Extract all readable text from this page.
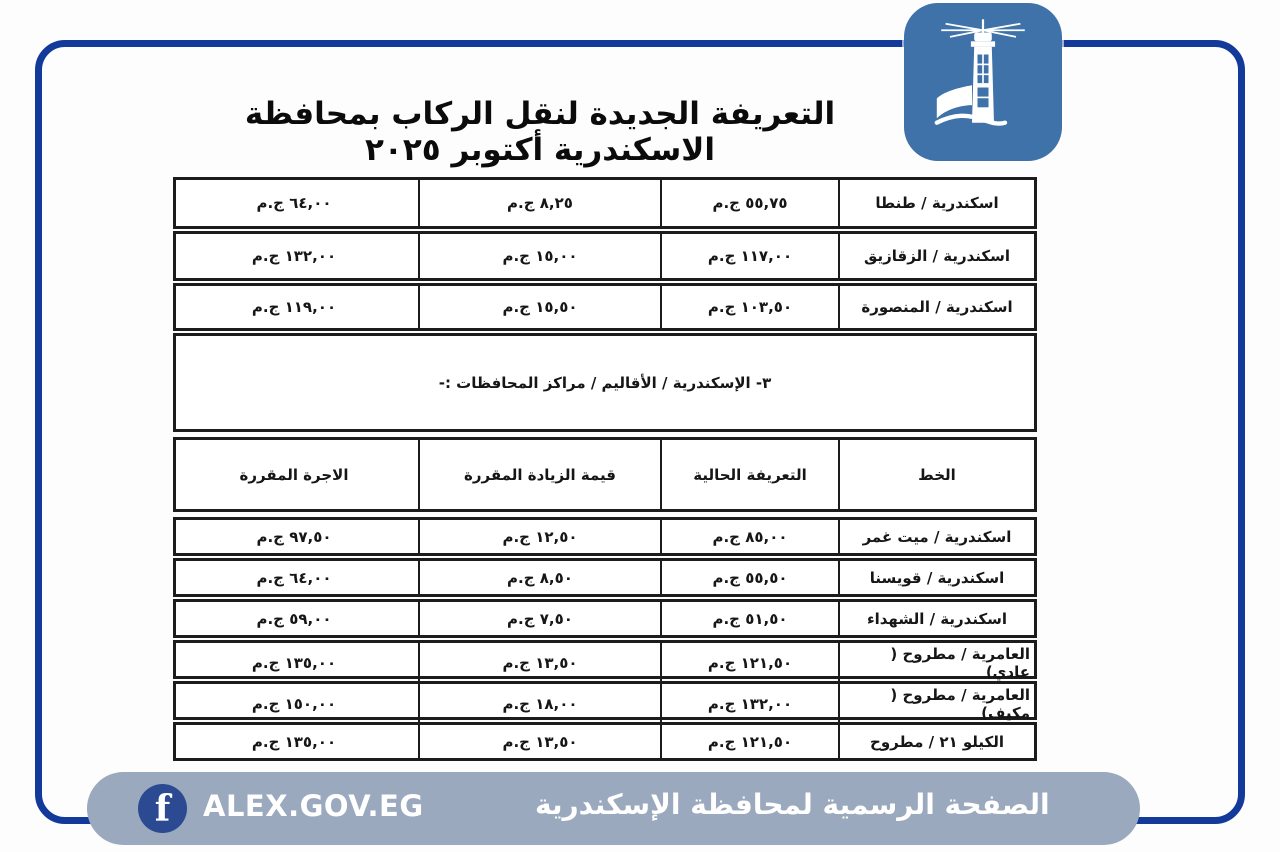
التعريفة الجديدة لنقل الركاب بمحافظة الاسكندرية أكتوبر ٢٠٢٥
اسكندرية / طنطا
٥٥,٧٥ ج.م
٨,٢٥ ج.م
٦٤,٠٠ ج.م
اسكندرية / الزقازيق
١١٧,٠٠ ج.م
١٥,٠٠ ج.م
١٣٢,٠٠ ج.م
اسكندرية / المنصورة
١٠٣,٥٠ ج.م
١٥,٥٠ ج.م
١١٩,٠٠ ج.م
٣- الإسكندرية / الأقاليم / مراكز المحافظات :-
الخط
التعريفة الحالية
قيمة الزيادة المقررة
الاجرة المقررة
اسكندرية / ميت غمر
٨٥,٠٠ ج.م
١٢,٥٠ ج.م
٩٧,٥٠ ج.م
اسكندرية / قويسنا
٥٥,٥٠ ج.م
٨,٥٠ ج.م
٦٤,٠٠ ج.م
اسكندرية / الشهداء
٥١,٥٠ ج.م
٧,٥٠ ج.م
٥٩,٠٠ ج.م
العامرية / مطروح ( عادي)
١٢١,٥٠ ج.م
١٣,٥٠ ج.م
١٣٥,٠٠ ج.م
العامرية / مطروح ( مكيف)
١٣٢,٠٠ ج.م
١٨,٠٠ ج.م
١٥٠,٠٠ ج.م
الكيلو ٢١ / مطروح
١٢١,٥٠ ج.م
١٣,٥٠ ج.م
١٣٥,٠٠ ج.م
f	ALEX.GOV.EG	الصفحة الرسمية لمحافظة الإسكندرية
